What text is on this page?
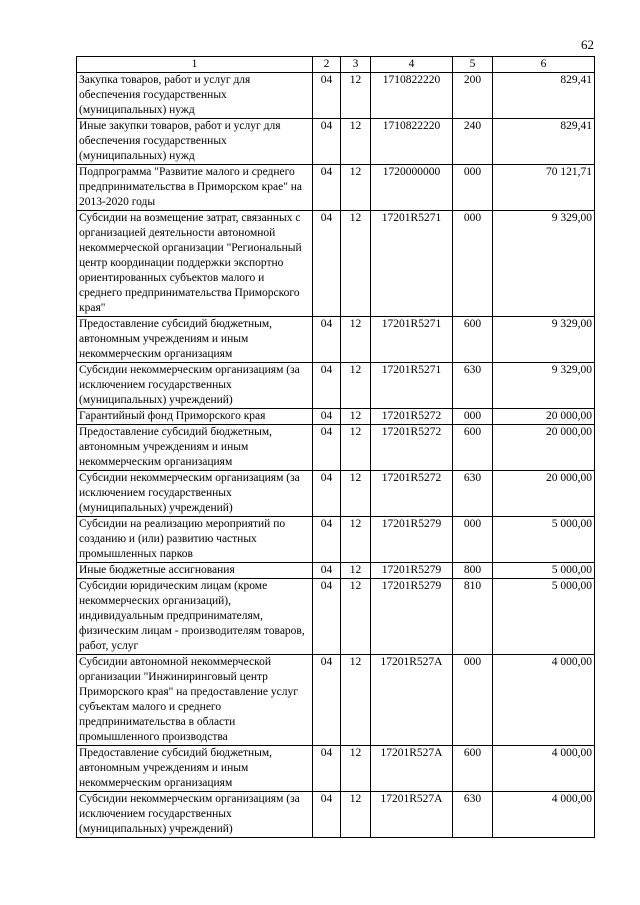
62
1	2	3	4	5	6
Закупка товаров, работ и услуг для обеспечения государственных (муниципальных) нужд	04	12	1710822220	200	829,41
Иные закупки товаров, работ и услуг для обеспечения государственных (муниципальных) нужд	04	12	1710822220	240	829,41
Подпрограмма "Развитие малого и среднего предпринимательства в Приморском крае" на 2013-2020 годы	04	12	1720000000	000	70 121,71
Субсидии на возмещение затрат, связанных с организацией деятельности автономной некоммерческой организации "Региональный центр координации поддержки экспортно ориентированных субъектов малого и среднего предпринимательства Приморского края"	04	12	17201R5271	000	9 329,00
Предоставление субсидий бюджетным, автономным учреждениям и иным некоммерческим организациям	04	12	17201R5271	600	9 329,00
Субсидии некоммерческим организациям (за исключением государственных (муниципальных) учреждений)	04	12	17201R5271	630	9 329,00
Гарантийный фонд Приморского края	04	12	17201R5272	000	20 000,00
Предоставление субсидий бюджетным, автономным учреждениям и иным некоммерческим организациям	04	12	17201R5272	600	20 000,00
Субсидии некоммерческим организациям (за исключением государственных (муниципальных) учреждений)	04	12	17201R5272	630	20 000,00
Субсидии на реализацию мероприятий по созданию и (или) развитию частных промышленных парков	04	12	17201R5279	000	5 000,00
Иные бюджетные ассигнования	04	12	17201R5279	800	5 000,00
Субсидии юридическим лицам (кроме некоммерческих организаций), индивидуальным предпринимателям, физическим лицам - производителям товаров, работ, услуг	04	12	17201R5279	810	5 000,00
Субсидии автономной некоммерческой организации "Инжиниринговый центр Приморского края" на предоставление услуг субъектам малого и среднего предпринимательства в области промышленного производства	04	12	17201R527A	000	4 000,00
Предоставление субсидий бюджетным, автономным учреждениям и иным некоммерческим организациям	04	12	17201R527A	600	4 000,00
Субсидии некоммерческим организациям (за исключением государственных (муниципальных) учреждений)	04	12	17201R527A	630	4 000,00
